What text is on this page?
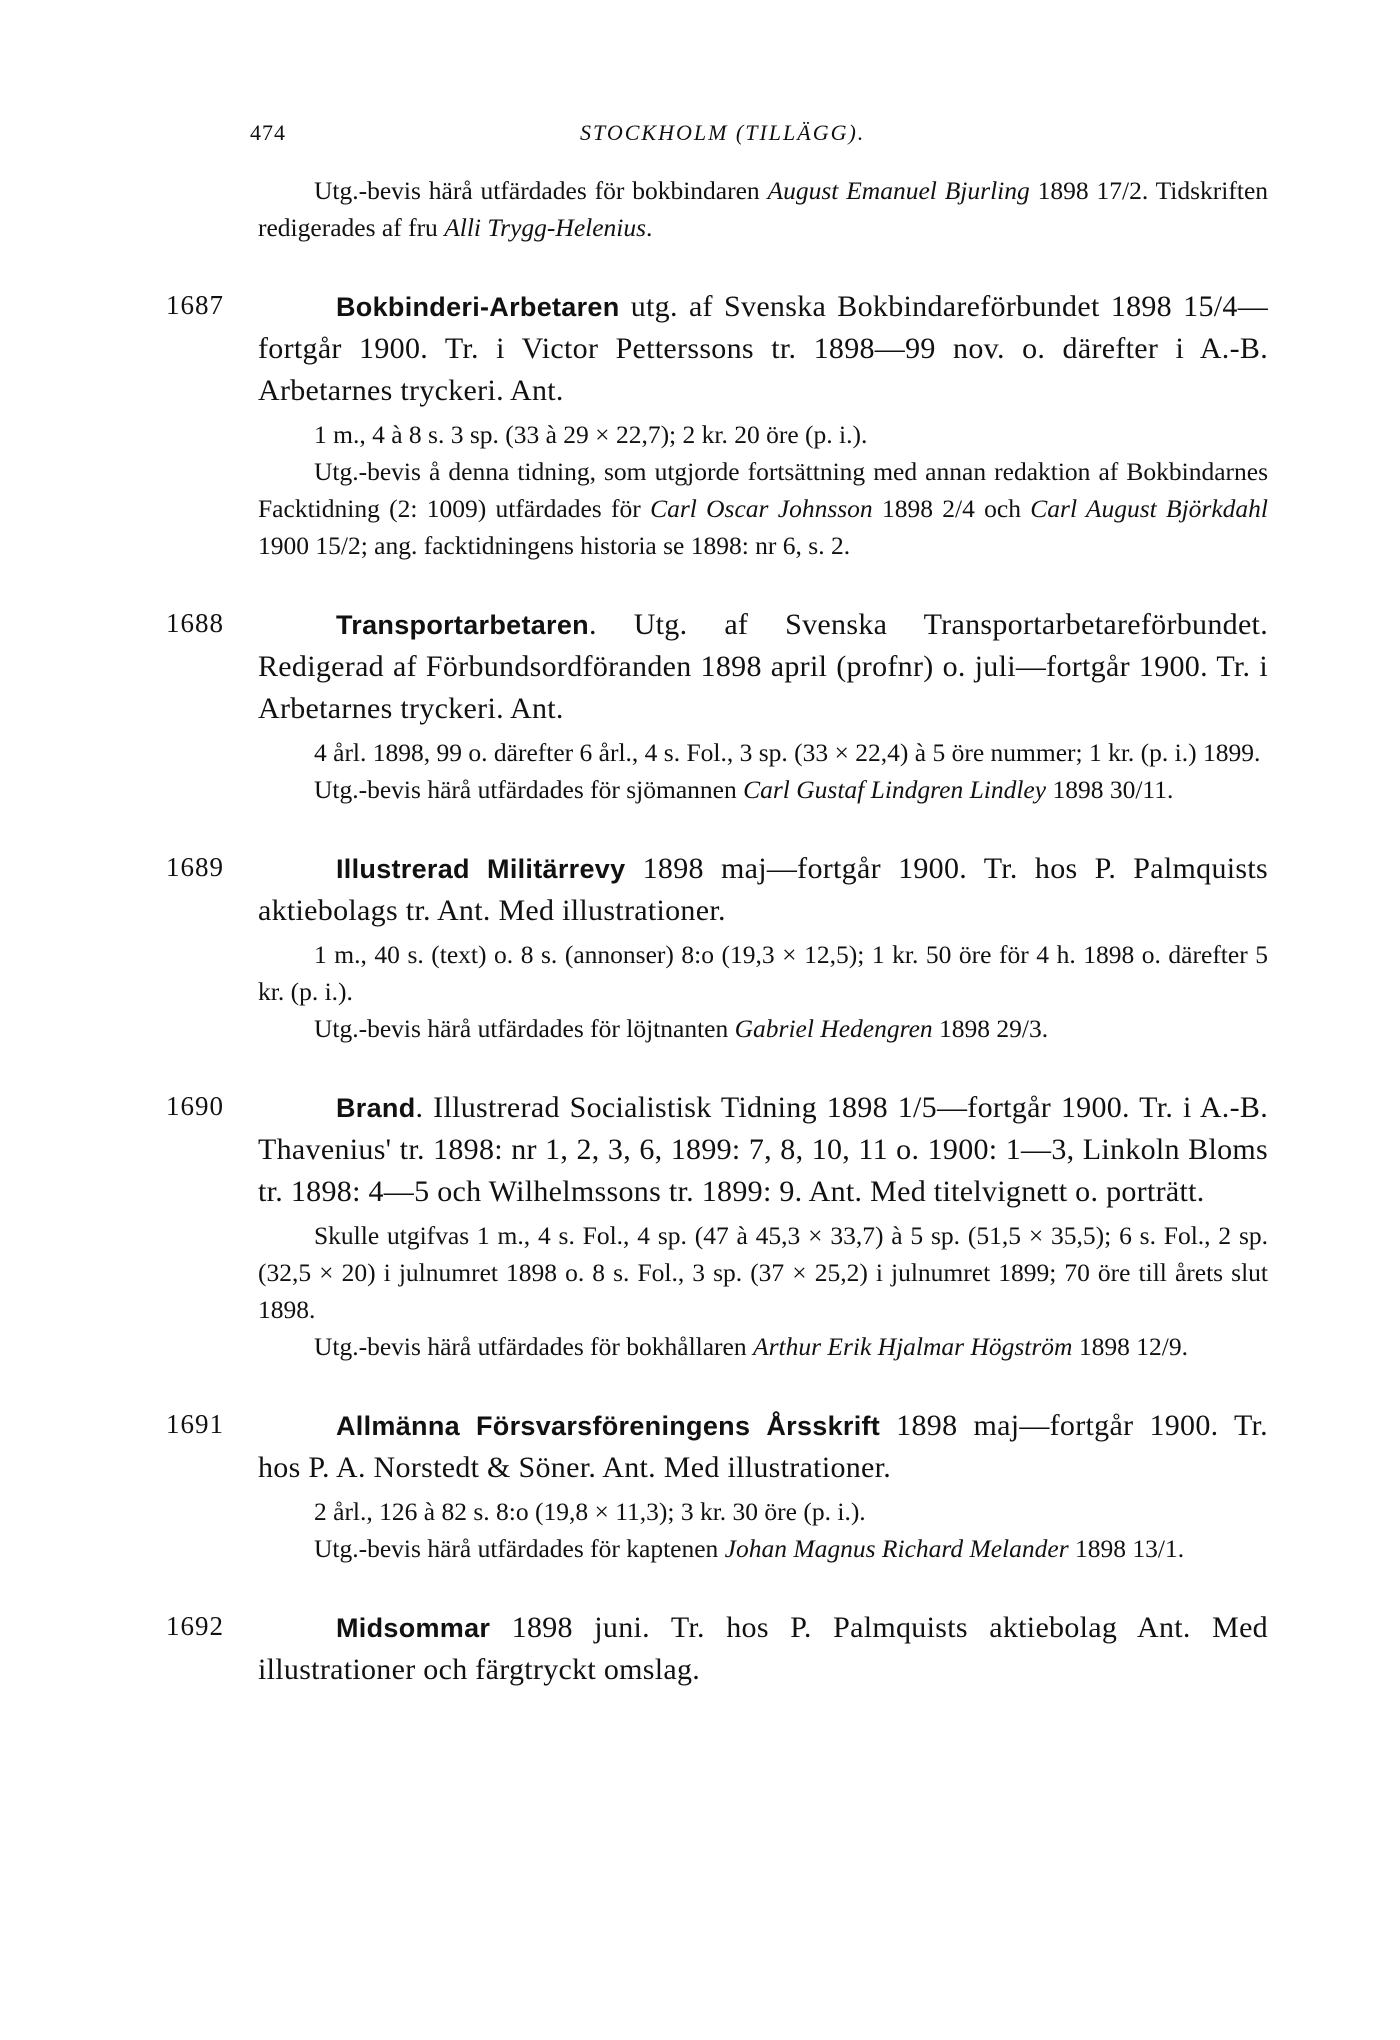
474	STOCKHOLM (TILLÄGG).

Utg.-bevis härå utfärdades för bokbindaren August Emanuel Bjurling 1898 17/2. Tidskriften redigerades af fru Alli Trygg-Helenius.

1687	Bokbinderi-Arbetaren utg. af Svenska Bokbindareförbundet 1898 15/4—fortgår 1900. Tr. i Victor Petterssons tr. 1898—99 nov. o. därefter i A.-B. Arbetarnes tryckeri. Ant.

1 m., 4 à 8 s. 3 sp. (33 à 29 × 22,7); 2 kr. 20 öre (p. i.).

Utg.-bevis å denna tidning, som utgjorde fortsättning med annan redaktion af Bokbindarnes Facktidning (2: 1009) utfärdades för Carl Oscar Johnsson 1898 2/4 och Carl August Björkdahl 1900 15/2; ang. facktidningens historia se 1898: nr 6, s. 2.

1688	Transportarbetaren. Utg. af Svenska Transportarbetareförbundet. Redigerad af Förbundsordföranden 1898 april (profnr) o. juli—fortgår 1900. Tr. i Arbetarnes tryckeri. Ant.

4 årl. 1898, 99 o. därefter 6 årl., 4 s. Fol., 3 sp. (33 × 22,4) à 5 öre nummer; 1 kr. (p. i.) 1899.

Utg.-bevis härå utfärdades för sjömannen Carl Gustaf Lindgren Lindley 1898 30/11.

1689	Illustrerad Militärrevy 1898 maj—fortgår 1900. Tr. hos P. Palmquists aktiebolags tr. Ant. Med illustrationer.

1 m., 40 s. (text) o. 8 s. (annonser) 8:o (19,3 × 12,5); 1 kr. 50 öre för 4 h. 1898 o. därefter 5 kr. (p. i.).

Utg.-bevis härå utfärdades för löjtnanten Gabriel Hedengren 1898 29/3.

1690	Brand. Illustrerad Socialistisk Tidning 1898 1/5—fortgår 1900. Tr. i A.-B. Thavenius' tr. 1898: nr 1, 2, 3, 6, 1899: 7, 8, 10, 11 o. 1900: 1—3, Linkoln Bloms tr. 1898: 4—5 och Wilhelmssons tr. 1899: 9. Ant. Med titelvignett o. porträtt.

Skulle utgifvas 1 m., 4 s. Fol., 4 sp. (47 à 45,3 × 33,7) à 5 sp. (51,5 × 35,5); 6 s. Fol., 2 sp. (32,5 × 20) i julnumret 1898 o. 8 s. Fol., 3 sp. (37 × 25,2) i julnumret 1899; 70 öre till årets slut 1898.

Utg.-bevis härå utfärdades för bokhållaren Arthur Erik Hjalmar Högström 1898 12/9.

1691	Allmänna Försvarsföreningens Årsskrift 1898 maj—fortgår 1900. Tr. hos P. A. Norstedt & Söner. Ant. Med illustrationer.

2 årl., 126 à 82 s. 8:o (19,8 × 11,3); 3 kr. 30 öre (p. i.).

Utg.-bevis härå utfärdades för kaptenen Johan Magnus Richard Melander 1898 13/1.

1692	Midsommar 1898 juni. Tr. hos P. Palmquists aktiebolag Ant. Med illustrationer och färgtryckt omslag.
